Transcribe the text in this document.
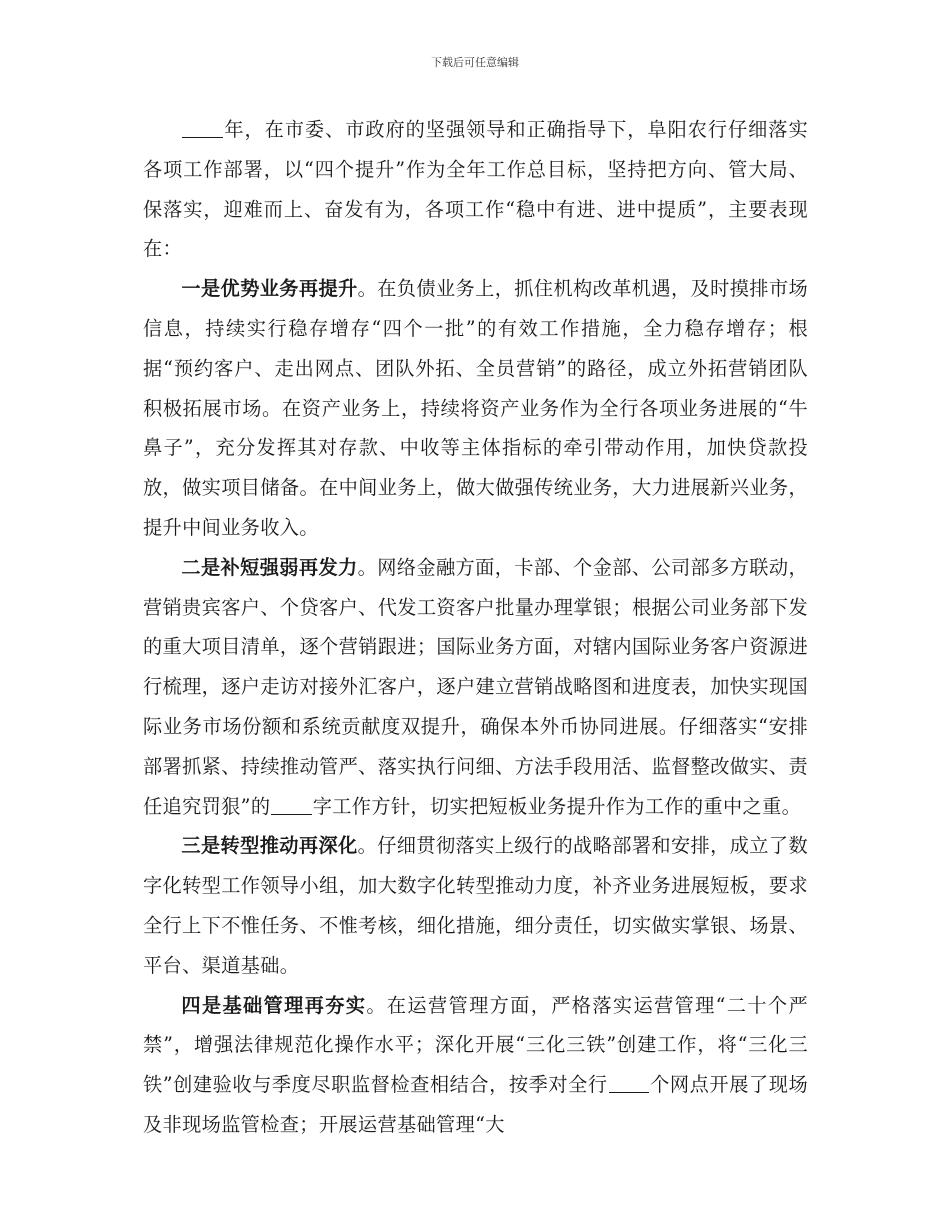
下载后可任意编辑

年，在市委、市政府的坚强领导和正确指导下，阜阳农行仔细落实各项工作部署，以“四个提升”作为全年工作总目标，坚持把方向、管大局、保落实，迎难而上、奋发有为，各项工作“稳中有进、进中提质”，主要表现在：

一是优势业务再提升。在负债业务上，抓住机构改革机遇，及时摸排市场信息，持续实行稳存增存“四个一批”的有效工作措施，全力稳存增存；根据“预约客户、走出网点、团队外拓、全员营销”的路径，成立外拓营销团队积极拓展市场。在资产业务上，持续将资产业务作为全行各项业务进展的“牛鼻子”，充分发挥其对存款、中收等主体指标的牵引带动作用，加快贷款投放，做实项目储备。在中间业务上，做大做强传统业务，大力进展新兴业务，提升中间业务收入。

二是补短强弱再发力。网络金融方面，卡部、个金部、公司部多方联动，营销贵宾客户、个贷客户、代发工资客户批量办理掌银；根据公司业务部下发的重大项目清单，逐个营销跟进；国际业务方面，对辖内国际业务客户资源进行梳理，逐户走访对接外汇客户，逐户建立营销战略图和进度表，加快实现国际业务市场份额和系统贡献度双提升，确保本外币协同进展。仔细落实“安排部署抓紧、持续推动管严、落实执行问细、方法手段用活、监督整改做实、责任追究罚狠”的 字工作方针，切实把短板业务提升作为工作的重中之重。

三是转型推动再深化。仔细贯彻落实上级行的战略部署和安排，成立了数字化转型工作领导小组，加大数字化转型推动力度，补齐业务进展短板，要求全行上下不惟任务、不惟考核，细化措施，细分责任，切实做实掌银、场景、平台、渠道基础。

四是基础管理再夯实。在运营管理方面，严格落实运营管理“二十个严禁”，增强法律规范化操作水平；深化开展“三化三铁”创建工作，将“三化三铁”创建验收与季度尽职监督检查相结合，按季对全行 个网点开展了现场及非现场监管检查；开展运营基础管理“大
